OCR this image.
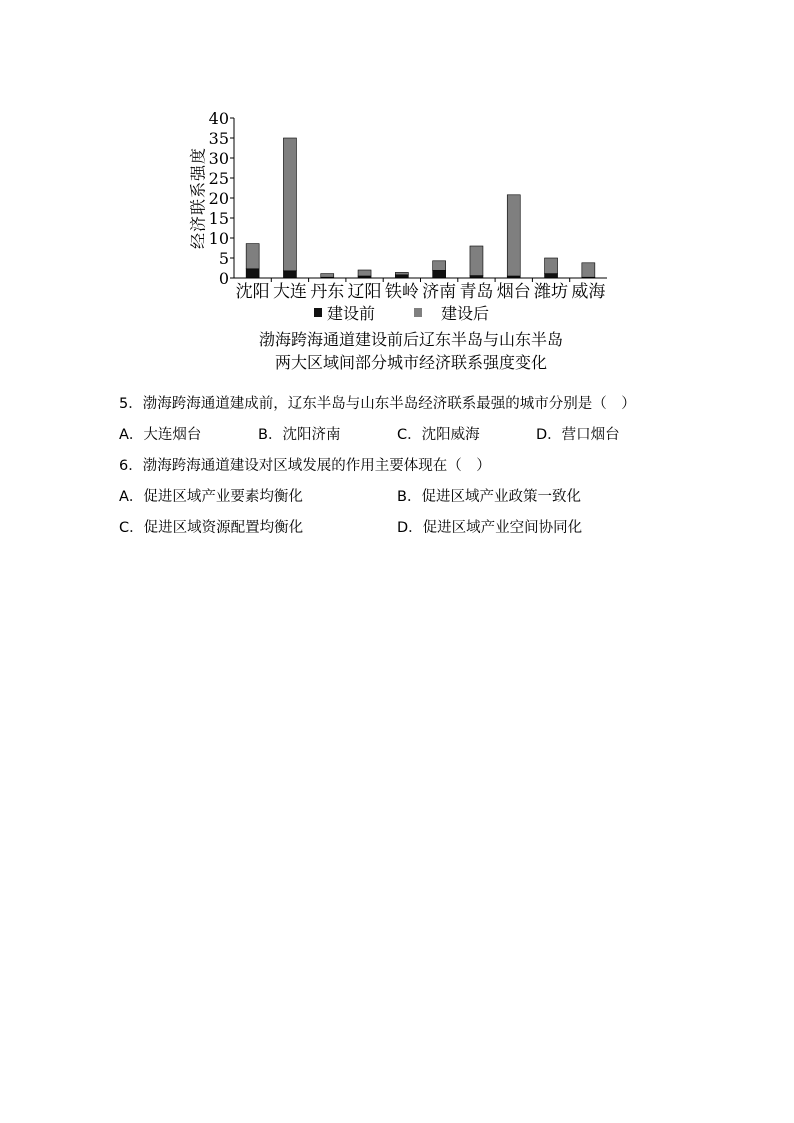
0
5
10
15
20
25
30
35
40
沈阳 大连 丹东 辽阳 铁岭 济南 青岛 烟台 潍坊 威海
经济联系强度
建设前	建设后
渤海跨海通道建设前后辽东半岛与山东半岛
两大区域间部分城市经济联系强度变化
5．渤海跨海通道建成前，辽东半岛与山东半岛经济联系最强的城市分别是（　）
A．大连烟台	B．沈阳济南	C．沈阳威海	D．营口烟台
6．渤海跨海通道建设对区域发展的作用主要体现在（　）
A．促进区域产业要素均衡化	B．促进区域产业政策一致化
C．促进区域资源配置均衡化	D．促进区域产业空间协同化
